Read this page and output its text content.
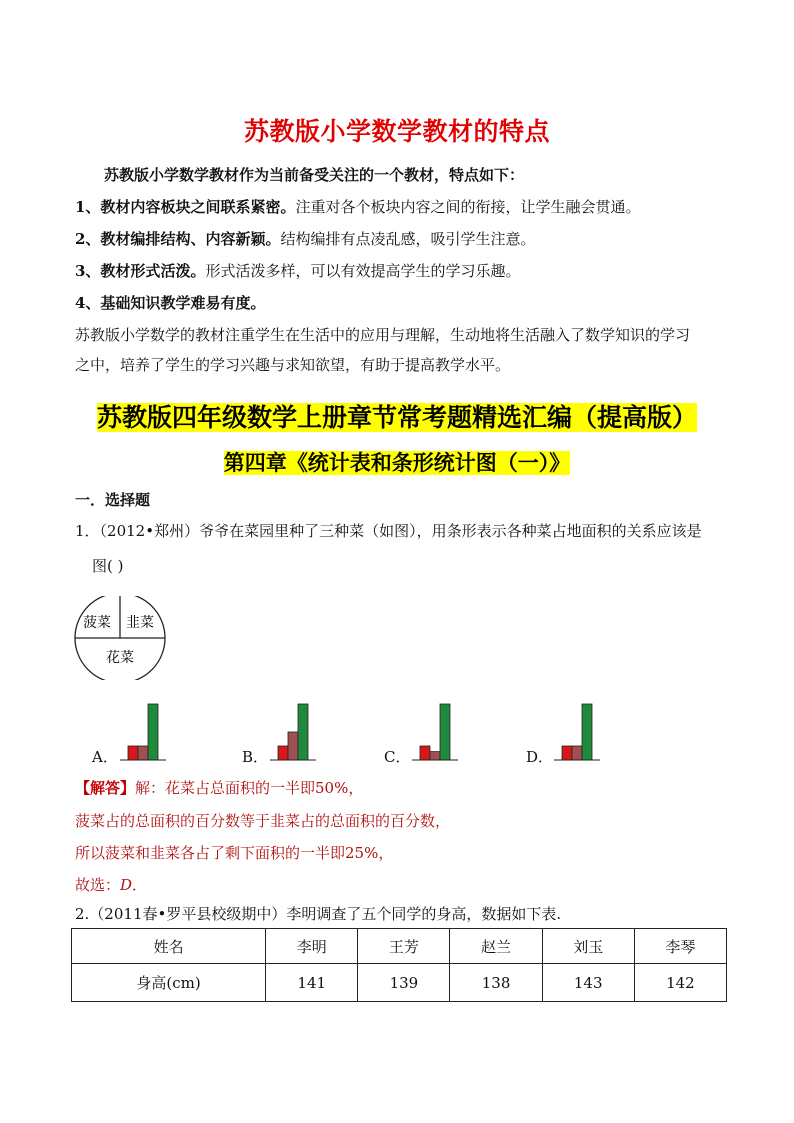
苏教版小学数学教材的特点
苏教版小学数学教材作为当前备受关注的一个教材，特点如下：
1、教材内容板块之间联系紧密。注重对各个板块内容之间的衔接，让学生融会贯通。
2、教材编排结构、内容新颖。结构编排有点凌乱感，吸引学生注意。
3、教材形式活泼。形式活泼多样，可以有效提高学生的学习乐趣。
4、基础知识教学难易有度。
苏教版小学数学的教材注重学生在生活中的应用与理解，生动地将生活融入了数学知识的学习
之中，培养了学生的学习兴趣与求知欲望，有助于提高教学水平。
苏教版四年级数学上册章节常考题精选汇编（提高版）
第四章《统计表和条形统计图（一）》
一．选择题
1．（2012•郑州）爷爷在菜园里种了三种菜（如图），用条形表示各种菜占地面积的关系应该是
图( )
菠菜 韭菜
花菜
A．	B．	C．	D．
【解答】解：花菜占总面积的一半即50%，
菠菜占的总面积的百分数等于韭菜占的总面积的百分数，
所以菠菜和韭菜各占了剩下面积的一半即25%，
故选：D．
2.（2011春•罗平县校级期中）李明调查了五个同学的身高，数据如下表.
姓名	李明	王芳	赵兰	刘玉	李琴
身高(cm)	141	139	138	143	142
